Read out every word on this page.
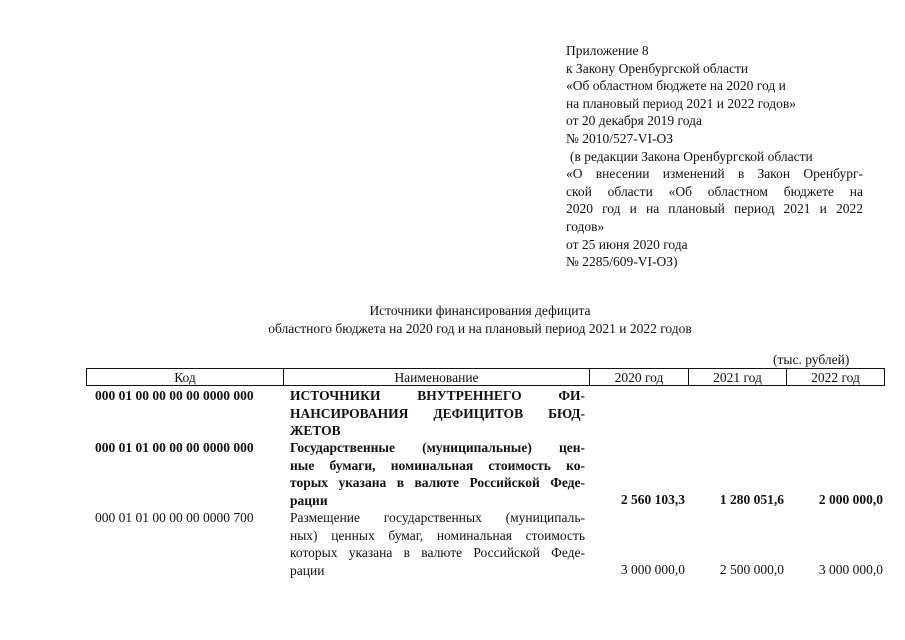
Приложение 8
к Закону Оренбургской области
«Об областном бюджете на 2020 год и
на плановый период 2021 и 2022 годов»
от 20 декабря 2019 года
№ 2010/527-VI-ОЗ
(в редакции Закона Оренбургской области
«О внесении изменений в Закон Оренбург-
ской области «Об областном бюджете на
2020 год и на плановый период 2021 и 2022
годов»
от 25 июня 2020 года
№ 2285/609-VI-ОЗ)
Источники финансирования дефицита
областного бюджета на 2020 год и на плановый период 2021 и 2022 годов
(тыс. рублей)
Код	Наименование	2020 год	2021 год	2022 год
000 01 00 00 00 00 0000 000	ИСТОЧНИКИ ВНУТРЕННЕГО ФИ-
НАНСИРОВАНИЯ ДЕФИЦИТОВ БЮД-
ЖЕТОВ
000 01 01 00 00 00 0000 000	Государственные (муниципальные) цен-
ные бумаги, номинальная стоимость ко-
торых указана в валюте Российской Феде-
рации	2 560 103,3	1 280 051,6	2 000 000,0
000 01 01 00 00 00 0000 700	Размещение государственных (муниципаль-
ных) ценных бумаг, номинальная стоимость
которых указана в валюте Российской Феде-
рации	3 000 000,0	2 500 000,0	3 000 000,0
